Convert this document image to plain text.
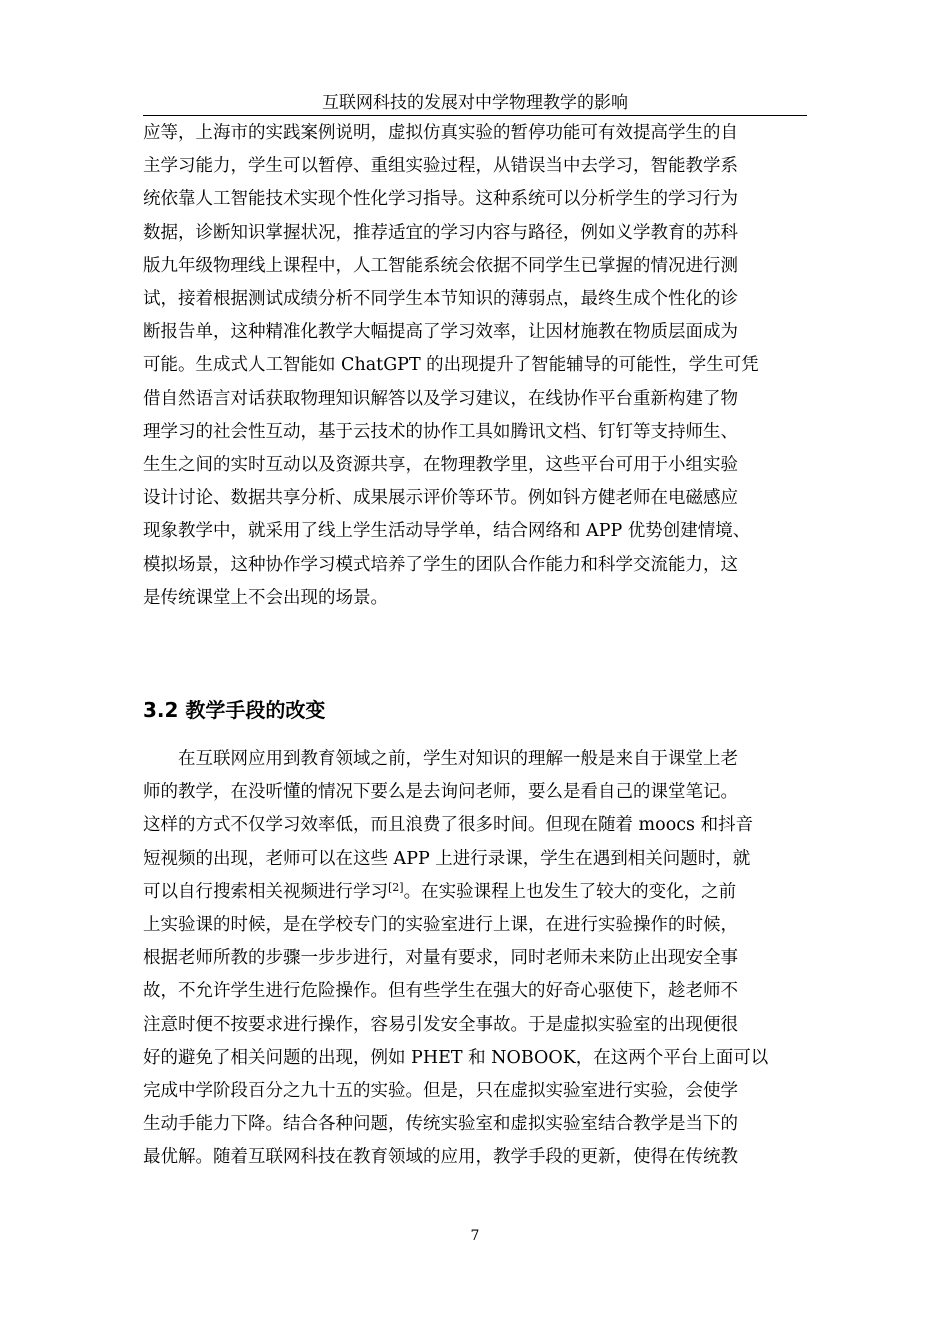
互联网科技的发展对中学物理教学的影响

应等，上海市的实践案例说明，虚拟仿真实验的暂停功能可有效提高学生的自

主学习能力，学生可以暂停、重组实验过程，从错误当中去学习，智能教学系

统依靠人工智能技术实现个性化学习指导。这种系统可以分析学生的学习行为

数据，诊断知识掌握状况，推荐适宜的学习内容与路径，例如义学教育的苏科

版九年级物理线上课程中，人工智能系统会依据不同学生已掌握的情况进行测

试，接着根据测试成绩分析不同学生本节知识的薄弱点，最终生成个性化的诊

断报告单，这种精准化教学大幅提高了学习效率，让因材施教在物质层面成为

可能。生成式人工智能如 ChatGPT 的出现提升了智能辅导的可能性，学生可凭

借自然语言对话获取物理知识解答以及学习建议，在线协作平台重新构建了物

理学习的社会性互动，基于云技术的协作工具如腾讯文档、钉钉等支持师生、

生生之间的实时互动以及资源共享，在物理教学里，这些平台可用于小组实验

设计讨论、数据共享分析、成果展示评价等环节。例如钭方健老师在电磁感应

现象教学中，就采用了线上学生活动导学单，结合网络和 APP 优势创建情境、

模拟场景，这种协作学习模式培养了学生的团队合作能力和科学交流能力，这

是传统课堂上不会出现的场景。

3.2 教学手段的改变

　　在互联网应用到教育领域之前，学生对知识的理解一般是来自于课堂上老

师的教学，在没听懂的情况下要么是去询问老师，要么是看自己的课堂笔记。

这样的方式不仅学习效率低，而且浪费了很多时间。但现在随着 moocs 和抖音

短视频的出现，老师可以在这些 APP 上进行录课，学生在遇到相关问题时，就

可以自行搜索相关视频进行学习[2]。在实验课程上也发生了较大的变化，之前

上实验课的时候，是在学校专门的实验室进行上课，在进行实验操作的时候，

根据老师所教的步骤一步步进行，对量有要求，同时老师未来防止出现安全事

故，不允许学生进行危险操作。但有些学生在强大的好奇心驱使下，趁老师不

注意时便不按要求进行操作，容易引发安全事故。于是虚拟实验室的出现便很

好的避免了相关问题的出现，例如 PHET 和 NOBOOK，在这两个平台上面可以

完成中学阶段百分之九十五的实验。但是，只在虚拟实验室进行实验，会使学

生动手能力下降。结合各种问题，传统实验室和虚拟实验室结合教学是当下的

最优解。随着互联网科技在教育领域的应用，教学手段的更新，使得在传统教

7
